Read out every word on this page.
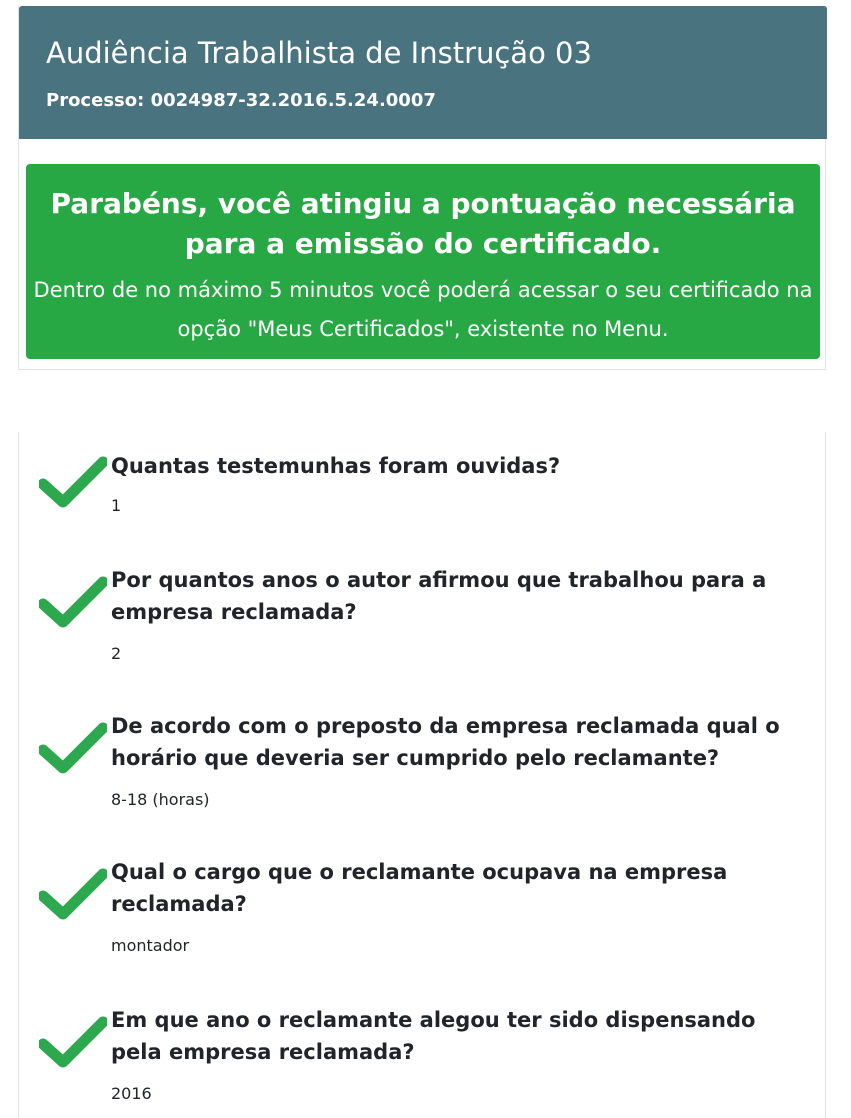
Audiência Trabalhista de Instrução 03
Processo: 0024987-32.2016.5.24.0007
Parabéns, você atingiu a pontuação necessária para a emissão do certificado.
Dentro de no máximo 5 minutos você poderá acessar o seu certificado na opção "Meus Certificados", existente no Menu.
Quantas testemunhas foram ouvidas?
1
Por quantos anos o autor afirmou que trabalhou para a empresa reclamada?
2
De acordo com o preposto da empresa reclamada qual o horário que deveria ser cumprido pelo reclamante?
8-18 (horas)
Qual o cargo que o reclamante ocupava na empresa reclamada?
montador
Em que ano o reclamante alegou ter sido dispensando pela empresa reclamada?
2016
